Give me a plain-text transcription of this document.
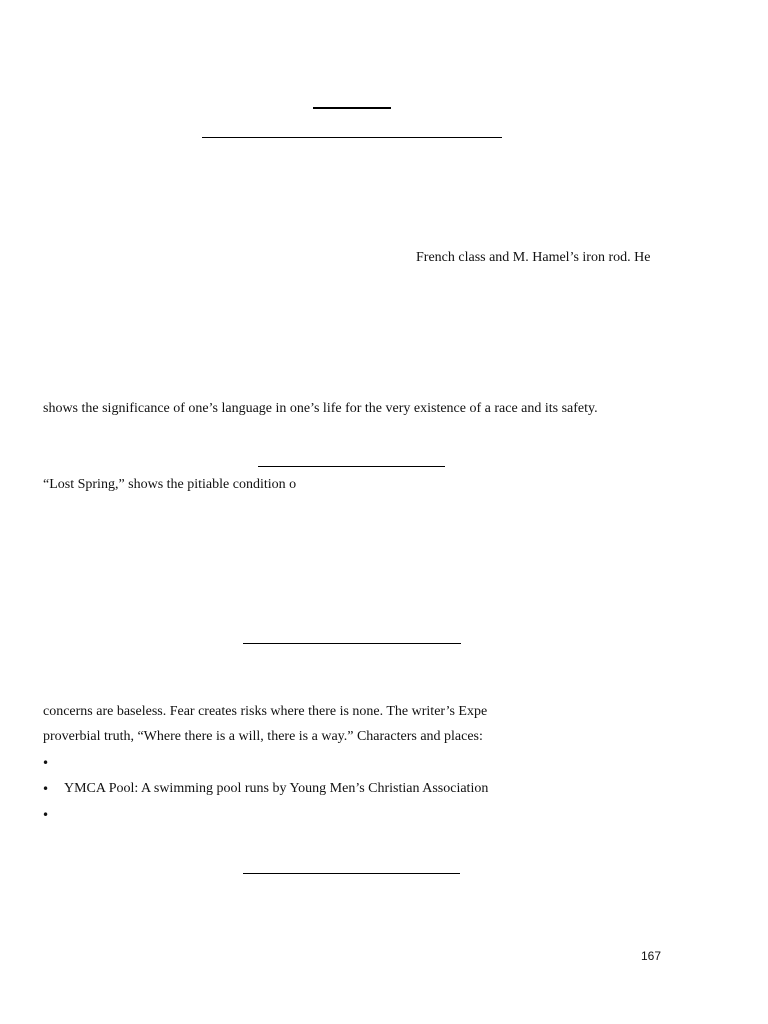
French class and M. Hamel’s iron rod. He
shows the significance of one’s language in one’s life for the very existence of a race and its safety.
“Lost Spring,” shows the pitiable condition o
concerns are baseless. Fear creates risks where there is none. The writer’s Expe
proverbial truth, “Where there is a will, there is a way.” Characters and places:
•
• YMCA Pool: A swimming pool runs by Young Men’s Christian Association
•
167
